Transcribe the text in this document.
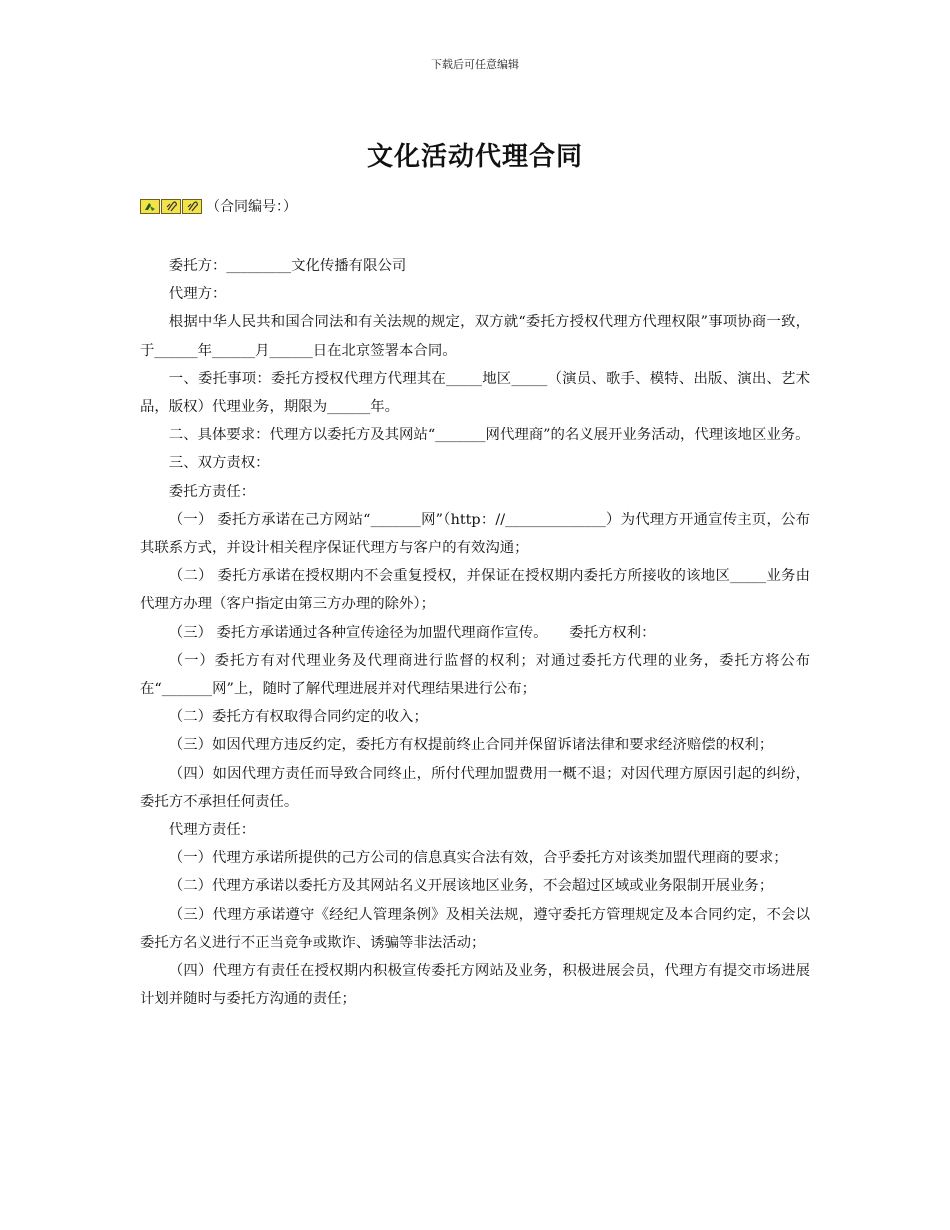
下载后可任意编辑
文化活动代理合同
（合同编号：）

委托方：_________文化传播有限公司

代理方：

根据中华人民共和国合同法和有关法规的规定，双方就“委托方授权代理方代理权限”事项协商一致，于______年______月______日在北京签署本合同。

一、委托事项：委托方授权代理方代理其在_____地区_____（演员、歌手、模特、出版、演出、艺术品，版权）代理业务，期限为______年。

二、具体要求：代理方以委托方及其网站“_______网代理商”的名义展开业务活动，代理该地区业务。

三、双方责权：

委托方责任：

（一） 委托方承诺在己方网站“_______网”（http：//______________）为代理方开通宣传主页，公布其联系方式，并设计相关程序保证代理方与客户的有效沟通；

（二） 委托方承诺在授权期内不会重复授权，并保证在授权期内委托方所接收的该地区_____业务由代理方办理（客户指定由第三方办理的除外）；

（三） 委托方承诺通过各种宣传途径为加盟代理商作宣传。　　委托方权利：

（一）委托方有对代理业务及代理商进行监督的权利；对通过委托方代理的业务，委托方将公布在“_______网”上，随时了解代理进展并对代理结果进行公布；

（二）委托方有权取得合同约定的收入；

（三）如因代理方违反约定，委托方有权提前终止合同并保留诉诸法律和要求经济赔偿的权利；

（四）如因代理方责任而导致合同终止，所付代理加盟费用一概不退；对因代理方原因引起的纠纷，委托方不承担任何责任。

代理方责任：

（一）代理方承诺所提供的己方公司的信息真实合法有效，合乎委托方对该类加盟代理商的要求；

（二）代理方承诺以委托方及其网站名义开展该地区业务，不会超过区域或业务限制开展业务；

（三）代理方承诺遵守《经纪人管理条例》及相关法规，遵守委托方管理规定及本合同约定，不会以委托方名义进行不正当竞争或欺诈、诱骗等非法活动；

（四）代理方有责任在授权期内积极宣传委托方网站及业务，积极进展会员，代理方有提交市场进展计划并随时与委托方沟通的责任；
